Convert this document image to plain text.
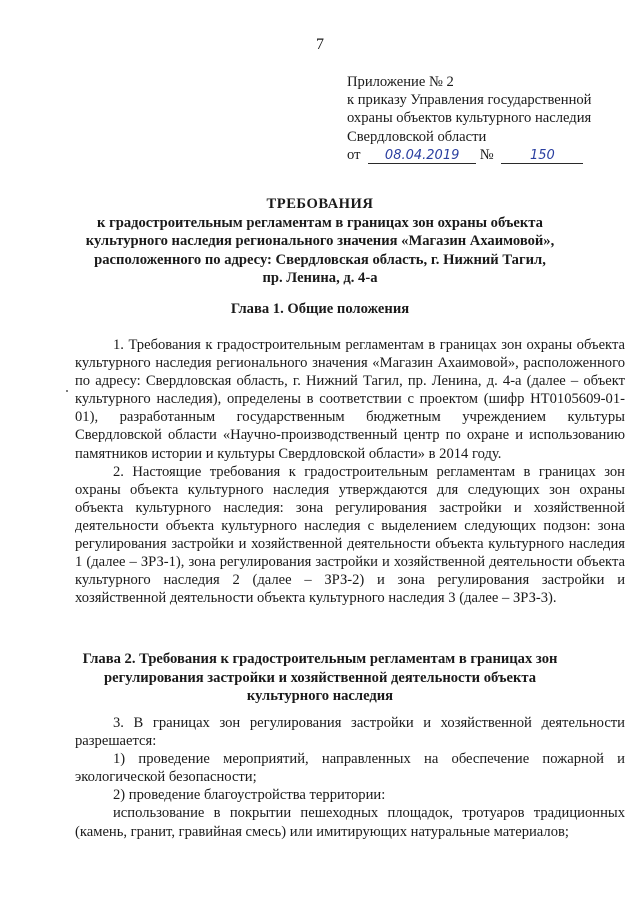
7
Приложение № 2
к приказу Управления государственной
охраны объектов культурного наследия
Свердловской области
от 08.04.2019 №	150
ТРЕБОВАНИЯ
к градостроительным регламентам в границах зон охраны объекта
культурного наследия регионального значения «Магазин Ахаимовой»,
расположенного по адресу: Свердловская область, г. Нижний Тагил,
пр. Ленина, д. 4-а
Глава 1. Общие положения

1. Требования к градостроительным регламентам в границах зон охраны объекта культурного наследия регионального значения «Магазин Ахаимовой», расположенного по адресу: Свердловская область, г. Нижний Тагил, пр. Ленина, д. 4-а (далее – объект культурного наследия), определены в соответствии с проектом (шифр НТ0105609-01-01), разработанным государственным бюджетным учреждением культуры Свердловской области «Научно-производственный центр по охране и использованию памятников истории и культуры Свердловской области» в 2014 году.

2. Настоящие требования к градостроительным регламентам в границах зон охраны объекта культурного наследия утверждаются для следующих зон охраны объекта культурного наследия: зона регулирования застройки и хозяйственной деятельности объекта культурного наследия с выделением следующих подзон: зона регулирования застройки и хозяйственной деятельности объекта культурного наследия 1 (далее – ЗРЗ-1), зона регулирования застройки и хозяйственной деятельности объекта культурного наследия 2 (далее – ЗРЗ-2) и зона регулирования застройки и хозяйственной деятельности объекта культурного наследия 3 (далее – ЗРЗ-3).

Глава 2. Требования к градостроительным регламентам в границах зон
регулирования застройки и хозяйственной деятельности объекта
культурного наследия

3. В границах зон регулирования застройки и хозяйственной деятельности разрешается:

1) проведение мероприятий, направленных на обеспечение пожарной и экологической безопасности;

2) проведение благоустройства территории:

использование в покрытии пешеходных площадок, тротуаров традиционных (камень, гранит, гравийная смесь) или имитирующих натуральные материалов;
